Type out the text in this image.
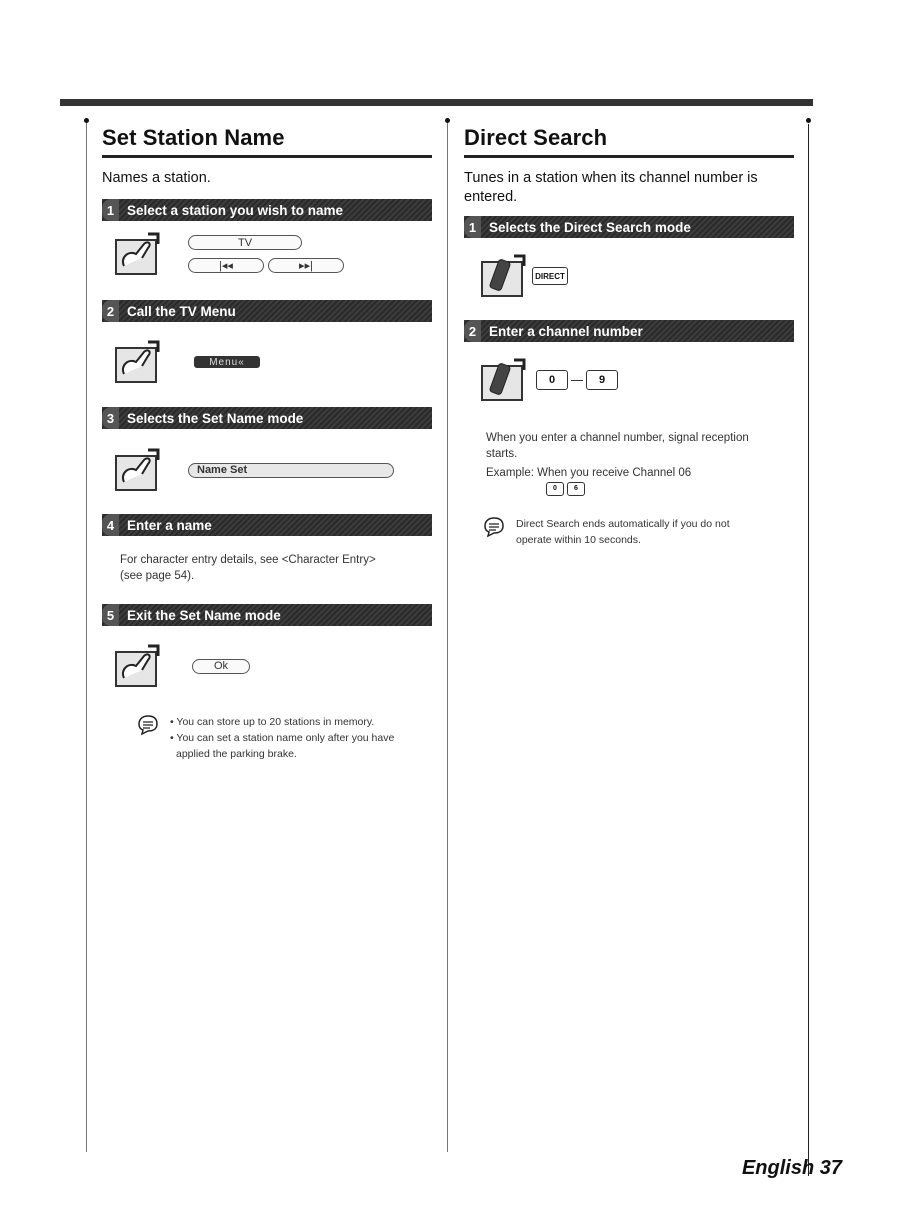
Set Station Name

Names a station.

1 Select a station you wish to name
TV
|◂◂	▸▸|
2 Call the TV Menu
Menu«
3 Selects the Set Name mode
Name Set
4 Enter a name
For character entry details, see <Character Entry>
(see page 54).
5 Exit the Set Name mode
Ok
• You can store up to 20 stations in memory.
• You can set a station name only after you have
applied the parking brake.
Direct Search

Tunes in a station when its channel number is
entered.

1 Selects the Direct Search mode
DIRECT
2 Enter a channel number
0	9
When you enter a channel number, signal reception
starts.
Example: When you receive Channel 06
0	6
Direct Search ends automatically if you do not
operate within 10 seconds.
English 37
